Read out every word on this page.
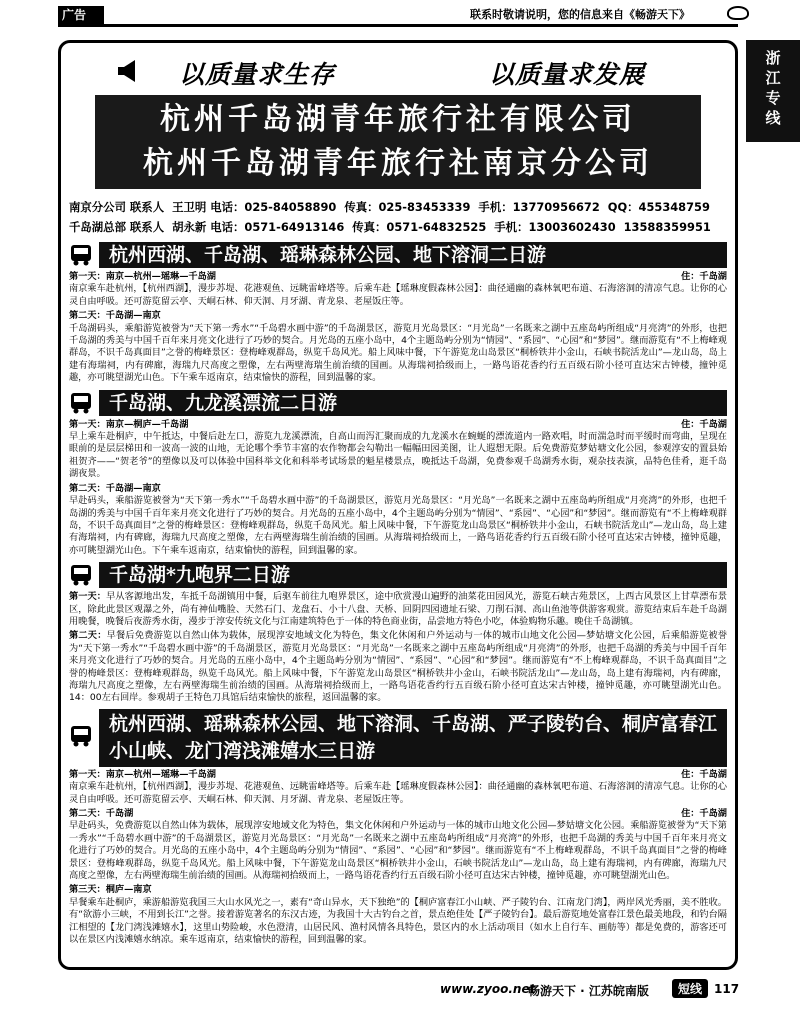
广告	联系时敬请说明，您的信息来自《畅游天下》
浙江专线
以质量求生存	以质量求发展
杭州千岛湖青年旅行社有限公司
杭州千岛湖青年旅行社南京分公司
南京分公司 联系人 王卫明 电话：025-84058890 传真：025-83453339 手机：13770956672 QQ：455348759
千岛湖总部 联系人 胡永新 电话：0571-64913146 传真：0571-64832525 手机：13003602430 13588359951
杭州西湖、千岛湖、瑶琳森林公园、地下溶洞二日游
第一天：南京—杭州—瑶琳—千岛湖	住：千岛湖
南京乘车赴杭州，【杭州西湖】，漫步苏堤、花港观鱼、远眺雷峰塔等。后乘车赴【瑶琳度假森林公园】：曲径通幽的森林氧吧布道、石海溶洞的清凉气息。让你的心灵自由呼吸。还可游览留云亭、天峒石林、仰天洞、月牙湖、青龙泉、老屋饭庄等。
第二天：千岛湖—南京
千岛湖码头，乘船游览被誉为“天下第一秀水”“千岛碧水画中游”的千岛湖景区，游览月光岛景区：“月光岛”一名既来之湖中五座岛屿所组成“月亮湾”的外形，也把千岛湖的秀美与中国千百年来月亮文化进行了巧妙的契合。月光岛的五座小岛中，4个主题岛屿分别为“情园”、“系园”、“心园”和“梦园”。继而游览有“不上梅峰观群岛，不识千岛真面目”之誉的梅峰景区：登梅峰观群岛，纵览千岛风光。船上风味中餐，下午游览龙山岛景区“桐桥铁井小金山，石峡书院活龙山”—龙山岛，岛上建有海瑞祠，内有碑廊，海瑞九尺高度之塑像，左右两壁海瑞生前治绩的国画。从海瑞祠拾级而上，一路鸟语花香约行五百级石阶小径可直达宋古钟楼，撞钟觅趣，亦可眺望湖光山色。下午乘车返南京，结束愉快的游程，回到温馨的家。
千岛湖、九龙溪漂流二日游
第一天：南京—桐庐—千岛湖	住：千岛湖
早上乘车赴桐庐，中午抵达，中餐后赴左口，游览九龙溪漂流，自高山而泻汇聚而成的九龙溪水在蜿蜒的漂流道内一路欢唱，时而湍急时而平缓时而弯曲，呈现在眼前的是层层梯田和一波高一波的山地，无论哪个季节丰富的农作物都会勾勒出一幅幅田园美图，让人遐想无限。后免费游览梦姑塘文化公园，参观淳安的置县始祖贺齐——“贺老爷”的塑像以及可以体验中国科举文化和科举考试场景的魁星楼景点，晚抵达千岛湖，免费参观千岛湖秀水街，观杂技表演，品特色佳肴，逛千岛湖夜景。
第二天：千岛湖—南京
早赴码头，乘船游览被誉为“天下第一秀水”“千岛碧水画中游”的千岛湖景区，游览月光岛景区：“月光岛”一名既来之湖中五座岛屿所组成“月亮湾”的外形，也把千岛湖的秀美与中国千百年来月亮文化进行了巧妙的契合。月光岛的五座小岛中，4个主题岛屿分别为“情园”、“系园”、“心园”和“梦园”。继而游览有“不上梅峰观群岛，不识千岛真面目”之誉的梅峰景区：登梅峰观群岛，纵览千岛风光。船上风味中餐，下午游览龙山岛景区“桐桥铁井小金山，石峡书院活龙山”—龙山岛，岛上建有海瑞祠，内有碑廊，海瑞九尺高度之塑像，左右两壁海瑞生前治绩的国画。从海瑞祠拾级而上，一路鸟语花香约行五百级石阶小径可直达宋古钟楼，撞钟觅趣，亦可眺望湖光山色。下午乘车返南京，结束愉快的游程，回到温馨的家。
千岛湖*九咆界二日游
第一天：早从客源地出发，车抵千岛湖镇用中餐，后驱车前往九咆界景区，途中欣赏漫山遍野的油菜花田园风光，游览石峡古苑景区，上西古风景区上甘草漂布景区，除此此景区观瀑之外，尚有神仙嘴脸、天然石门、龙盘石、小十八盘、天桥、回阴四园遗址石梁、刀削石洞、高山鱼池等供游客观赏。游览结束后车赴千岛湖用晚餐，晚餐后夜游秀水街，漫步于淳安传统文化与江南建筑特色于一体的特色商业街，品尝地方特色小吃，体验购物乐趣。晚住千岛湖镇。
第二天：早餐后免费游览以自然山体为载体，展现淳安地域文化为特色，集文化休闲和户外运动与一体的城市山地文化公园—梦姑塘文化公园，后乘船游览被誉为“天下第一秀水”“千岛碧水画中游”的千岛湖景区，游览月光岛景区：“月光岛”一名既来之湖中五座岛屿所组成“月亮湾”的外形，也把千岛湖的秀美与中国千百年来月亮文化进行了巧妙的契合。月光岛的五座小岛中，4个主题岛屿分别为“情园”、“系园”、“心园”和“梦园”。继而游览有“不上梅峰观群岛，不识千岛真面目”之誉的梅峰景区：登梅峰观群岛，纵览千岛风光。船上风味中餐，下午游览龙山岛景区“桐桥铁井小金山，石峡书院活龙山”—龙山岛，岛上建有海瑞祠，内有碑廊，海瑞九尺高度之塑像，左右两壁海瑞生前治绩的国画。从海瑞祠拾级而上，一路鸟语花香约行五百级石阶小径可直达宋古钟楼，撞钟觅趣，亦可眺望湖光山色。14：00左右回岸。参观胡子王特色刀具馆后结束愉快的旅程，返回温馨的家。
杭州西湖、瑶琳森林公园、地下溶洞、千岛湖、严子陵钓台、桐庐富春江小山峡、龙门湾浅滩嬉水三日游
第一天：南京—杭州—瑶琳—千岛湖	住：千岛湖
南京乘车赴杭州，【杭州西湖】，漫步苏堤、花港观鱼、远眺雷峰塔等。后乘车赴【瑶琳度假森林公园】：曲径通幽的森林氧吧布道、石海溶洞的清凉气息。让你的心灵自由呼吸。还可游览留云亭、天峒石林、仰天洞、月牙湖、青龙泉、老屋饭庄等。
第二天：千岛湖	住：千岛湖
早赴码头，免费游览以自然山体为载体，展现淳安地域文化为特色，集文化休闲和户外运动与一体的城市山地文化公园—梦姑塘文化公园。乘船游览被誉为“天下第一秀水”“千岛碧水画中游”的千岛湖景区，游览月光岛景区：“月光岛”一名既来之湖中五座岛屿所组成“月亮湾”的外形，也把千岛湖的秀美与中国千百年来月亮文化进行了巧妙的契合。月光岛的五座小岛中，4个主题岛屿分别为“情园”、“系园”、“心园”和“梦园”。继而游览有“不上梅峰观群岛，不识千岛真面目”之誉的梅峰景区：登梅峰观群岛，纵览千岛风光。船上风味中餐，下午游览龙山岛景区“桐桥铁井小金山，石峡书院活龙山”—龙山岛，岛上建有海瑞祠，内有碑廊，海瑞九尺高度之塑像，左右两壁海瑞生前治绩的国画。从海瑞祠拾级而上，一路鸟语花香约行五百级石阶小径可直达宋古钟楼，撞钟觅趣，亦可眺望湖光山色。
第三天：桐庐—南京
早餐乘车赴桐庐，乘游船游览我国三大山水风光之一，素有“奇山异水，天下独绝”的【桐庐富春江小山峡、严子陵钓台、江南龙门湾】，两岸风光秀丽，美不胜收。有“欲游小三峡，不用到长江”之誉。接着游览著名的东汉古迹，为我国十大古钓台之首，景点绝佳处【严子陵钓台】。最后游览地处富春江景色最美地段，和钓台隔江相望的【龙门湾浅滩嬉水】，这里山势险峻，水色澄清，山居民风、渔村风情各具特色，景区内的水上活动项目（如水上自行车、画舫等）都是免费的，游客还可以在景区内浅滩嬉水纳凉。乘车返南京，结束愉快的游程，回到温馨的家。
www.zyoo.net
畅游天下 · 江苏皖南版	短线 117
